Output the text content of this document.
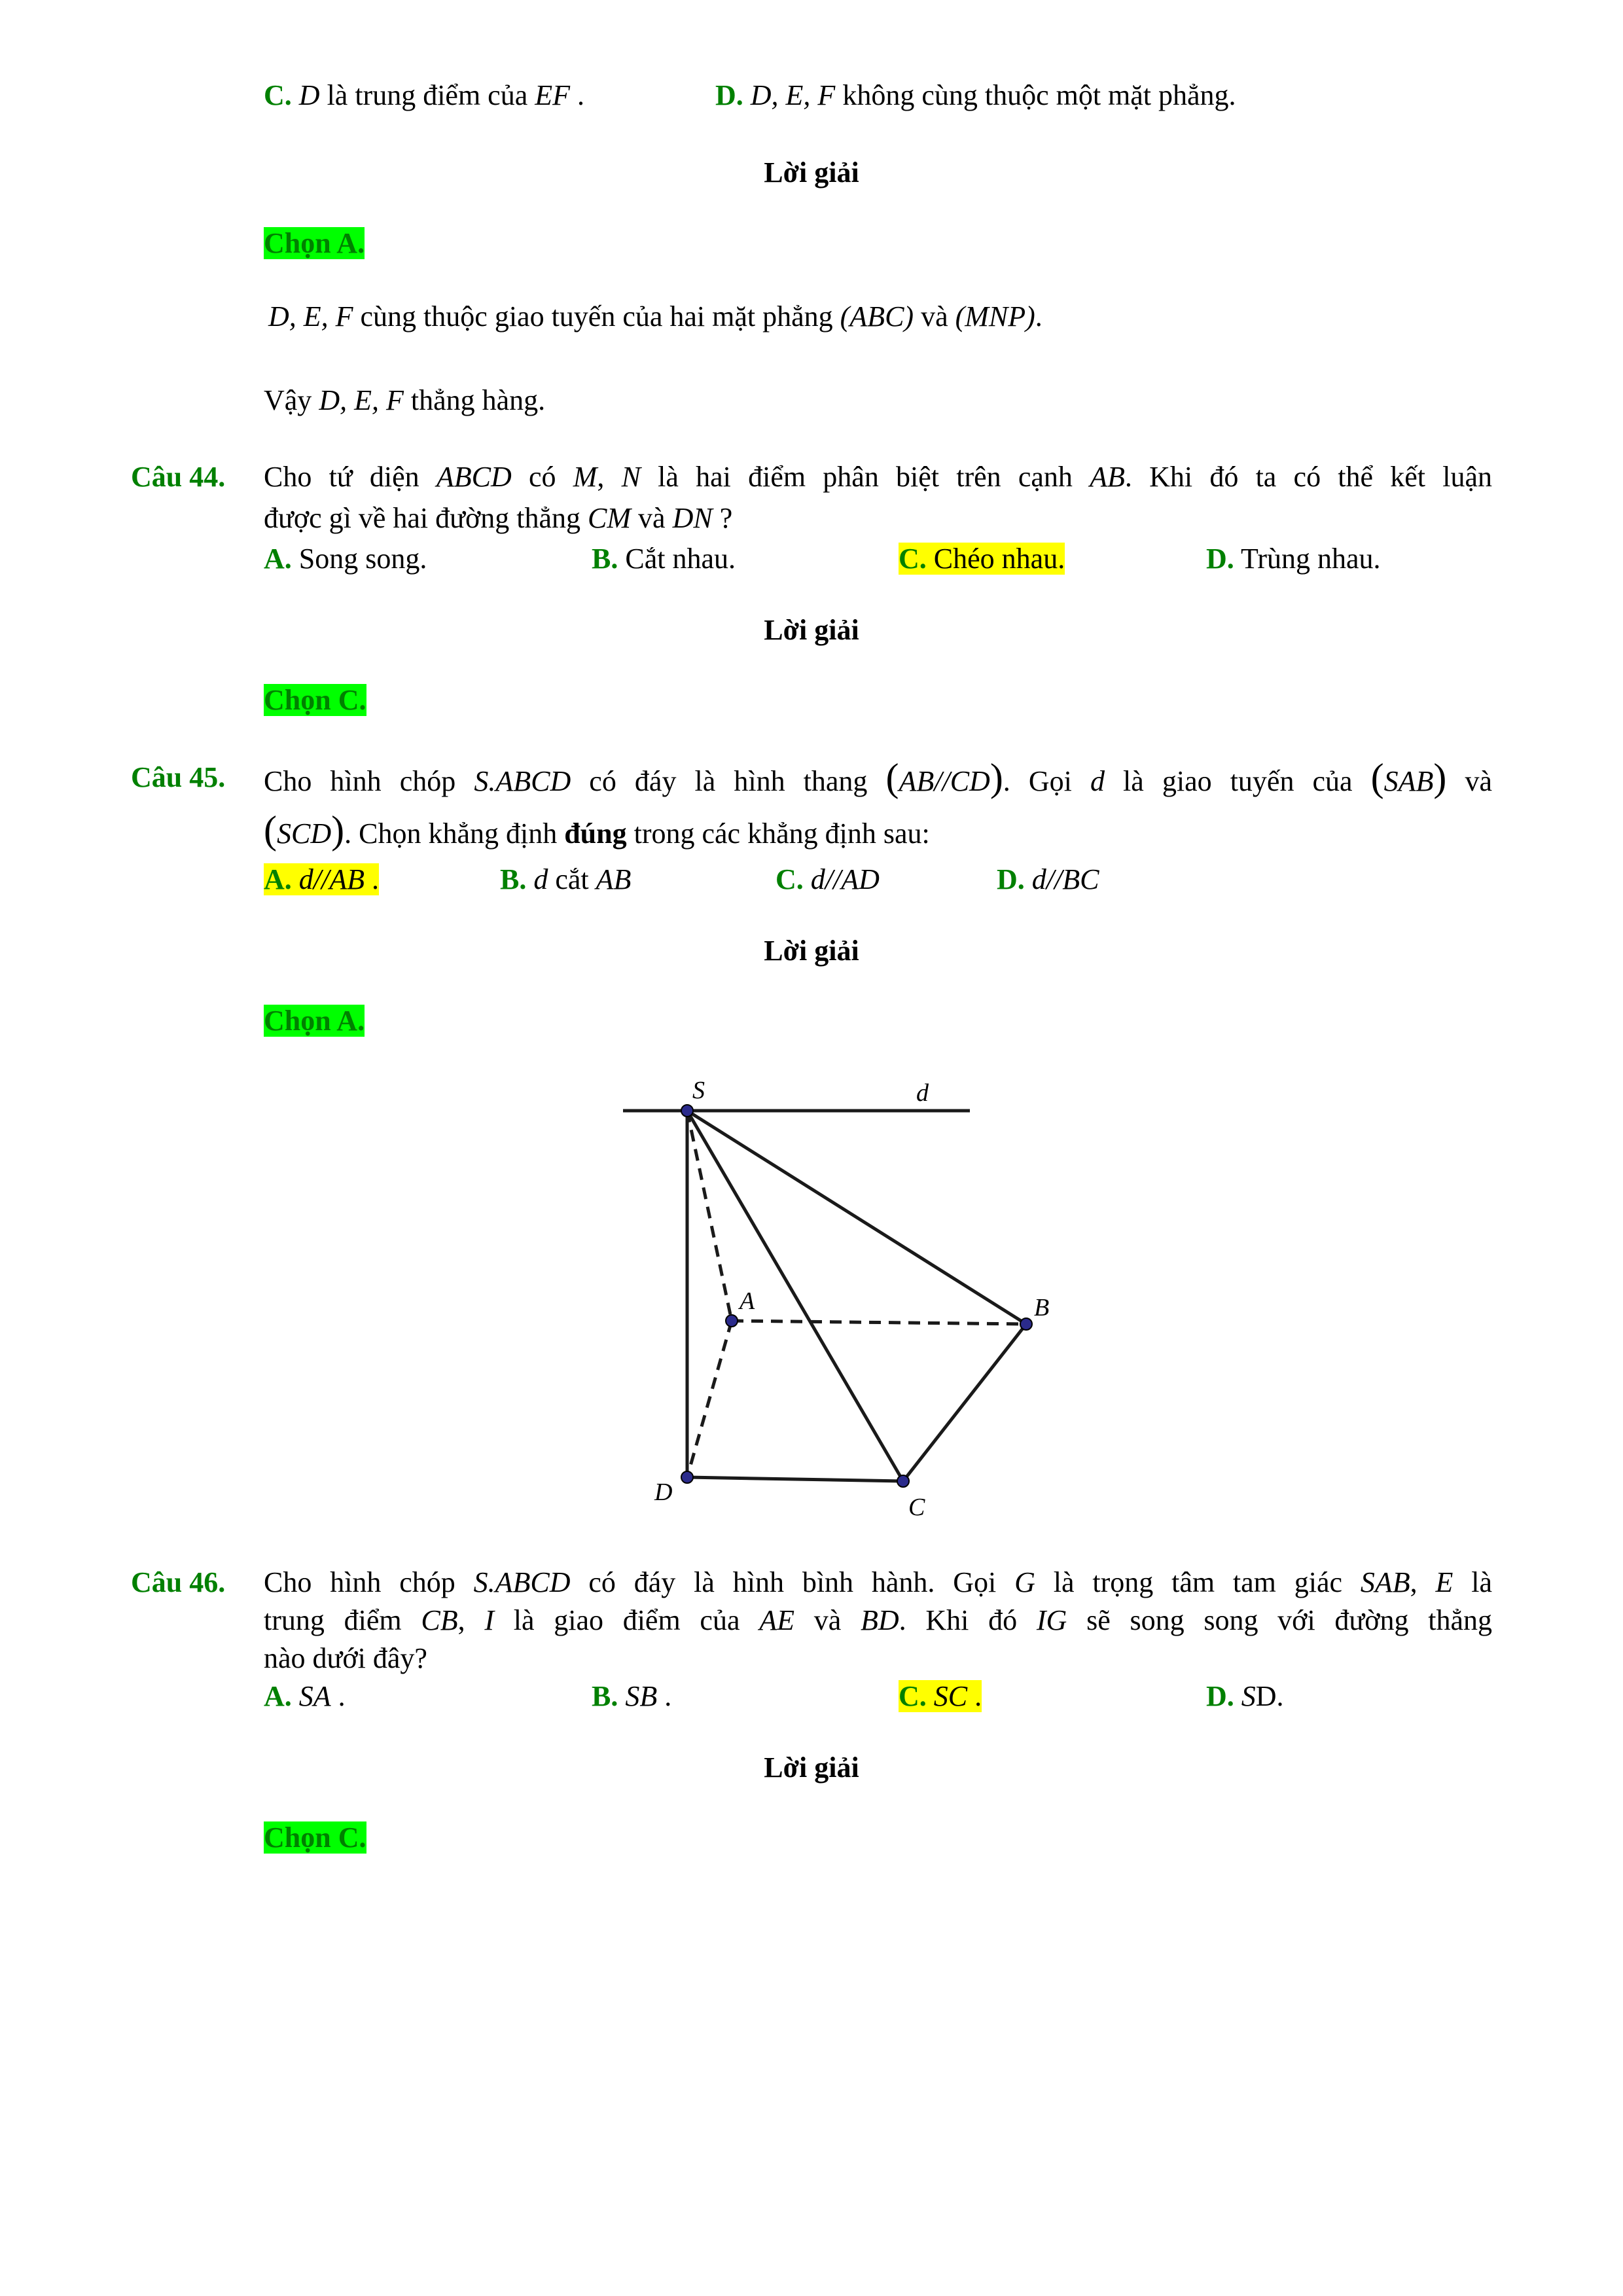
C. D là trung điểm của EF .	D. D, E, F không cùng thuộc một mặt phẳng.
Lời giải
Chọn A.
D, E, F cùng thuộc giao tuyến của hai mặt phẳng (ABC) và (MNP).
Vậy D, E, F thẳng hàng.
Câu 44. Cho tứ diện ABCD có M, N là hai điểm phân biệt trên cạnh AB. Khi đó ta có thể kết luận
được gì về hai đường thẳng CM và DN ?
A. Song song.	B. Cắt nhau.	C. Chéo nhau.	D. Trùng nhau.
Lời giải
Chọn C.
Câu 45. Cho hình chóp S.ABCD có đáy là hình thang (AB//CD). Gọi d là giao tuyến của (SAB) và
(SCD). Chọn khẳng định đúng trong các khẳng định sau:
A. d//AB .	B. d cắt AB	C. d//AD	D. d//BC
Lời giải
Chọn A.
S	d
A	B
C
D
Câu 46. Cho hình chóp S.ABCD có đáy là hình bình hành. Gọi G là trọng tâm tam giác SAB, E là
trung điểm CB, I là giao điểm của AE và BD. Khi đó IG sẽ song song với đường thẳng
nào dưới đây?
A. SA .	B. SB .	C. SC .	D. SD.
Lời giải
Chọn C.
